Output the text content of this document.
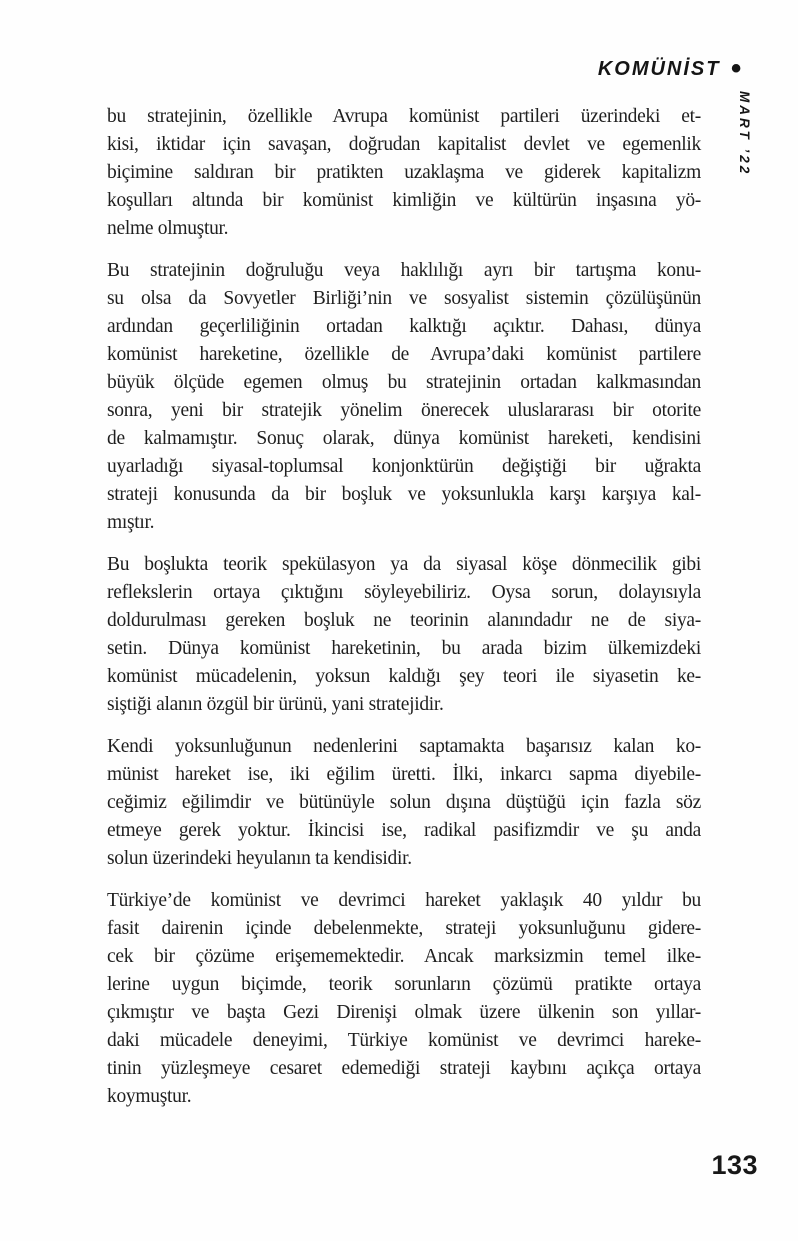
KOMÜNİST •
MART ’22

bu stratejinin, özellikle Avrupa komünist partileri üzerindeki et-
kisi, iktidar için savaşan, doğrudan kapitalist devlet ve egemenlik
biçimine saldıran bir pratikten uzaklaşma ve giderek kapitalizm
koşulları altında bir komünist kimliğin ve kültürün inşasına yö-
nelme olmuştur.

Bu stratejinin doğruluğu veya haklılığı ayrı bir tartışma konu-
su olsa da Sovyetler Birliği’nin ve sosyalist sistemin çözülüşünün
ardından geçerliliğinin ortadan kalktığı açıktır. Dahası, dünya
komünist hareketine, özellikle de Avrupa’daki komünist partilere
büyük ölçüde egemen olmuş bu stratejinin ortadan kalkmasından
sonra, yeni bir stratejik yönelim önerecek uluslararası bir otorite
de kalmamıştır. Sonuç olarak, dünya komünist hareketi, kendisini
uyarladığı siyasal-toplumsal konjonktürün değiştiği bir uğrakta
strateji konusunda da bir boşluk ve yoksunlukla karşı karşıya kal-
mıştır.

Bu boşlukta teorik spekülasyon ya da siyasal köşe dönmecilik gibi
reflekslerin ortaya çıktığını söyleyebiliriz. Oysa sorun, dolayısıyla
doldurulması gereken boşluk ne teorinin alanındadır ne de siya-
setin. Dünya komünist hareketinin, bu arada bizim ülkemizdeki
komünist mücadelenin, yoksun kaldığı şey teori ile siyasetin ke-
siştiği alanın özgül bir ürünü, yani stratejidir.

Kendi yoksunluğunun nedenlerini saptamakta başarısız kalan ko-
münist hareket ise, iki eğilim üretti. İlki, inkarcı sapma diyebile-
ceğimiz eğilimdir ve bütünüyle solun dışına düştüğü için fazla söz
etmeye gerek yoktur. İkincisi ise, radikal pasifizmdir ve şu anda
solun üzerindeki heyulanın ta kendisidir.

Türkiye’de komünist ve devrimci hareket yaklaşık 40 yıldır bu
fasit dairenin içinde debelenmekte, strateji yoksunluğunu gidere-
cek bir çözüme erişememektedir. Ancak marksizmin temel ilke-
lerine uygun biçimde, teorik sorunların çözümü pratikte ortaya
çıkmıştır ve başta Gezi Direnişi olmak üzere ülkenin son yıllar-
daki mücadele deneyimi, Türkiye komünist ve devrimci hareke-
tinin yüzleşmeye cesaret edemediği strateji kaybını açıkça ortaya
koymuştur.

133
